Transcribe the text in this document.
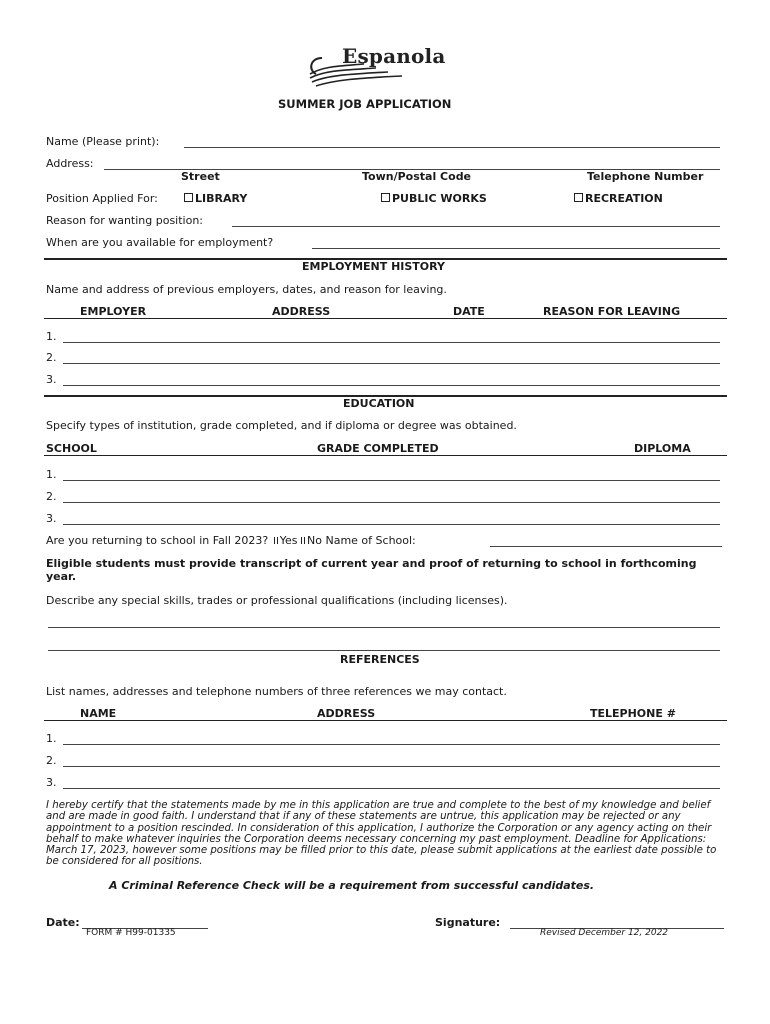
Espanola
SUMMER JOB APPLICATION
Name (Please print):
Address:
Street	Town/Postal Code	Telephone Number
Position Applied For:	LIBRARY	PUBLIC WORKS	RECREATION
Reason for wanting position:
When are you available for employment?
EMPLOYMENT HISTORY
Name and address of previous employers, dates, and reason for leaving.
EMPLOYER	ADDRESS	DATE	REASON FOR LEAVING
1.
2.
3.
EDUCATION
Specify types of institution, grade completed, and if diploma or degree was obtained.
SCHOOL	GRADE COMPLETED	DIPLOMA
1.
2.
3.
Are you returning to school in Fall 2023? Yes No Name of School:
Eligible students must provide transcript of current year and proof of returning to school in forthcoming year.
Describe any special skills, trades or professional qualifications (including licenses).
REFERENCES
List names, addresses and telephone numbers of three references we may contact.
NAME	ADDRESS	TELEPHONE #
1.
2.
3.
I hereby certify that the statements made by me in this application are true and complete to the best of my knowledge and belief and are made in good faith. I understand that if any of these statements are untrue, this application may be rejected or any appointment to a position rescinded. In consideration of this application, I authorize the Corporation or any agency acting on their behalf to make whatever inquiries the Corporation deems necessary concerning my past employment. Deadline for Applications: March 17, 2023, however some positions may be filled prior to this date, please submit applications at the earliest date possible to be considered for all positions.
A Criminal Reference Check will be a requirement from successful candidates.
Date:	Signature:
FORM # H99-01335	Revised December 12, 2022
